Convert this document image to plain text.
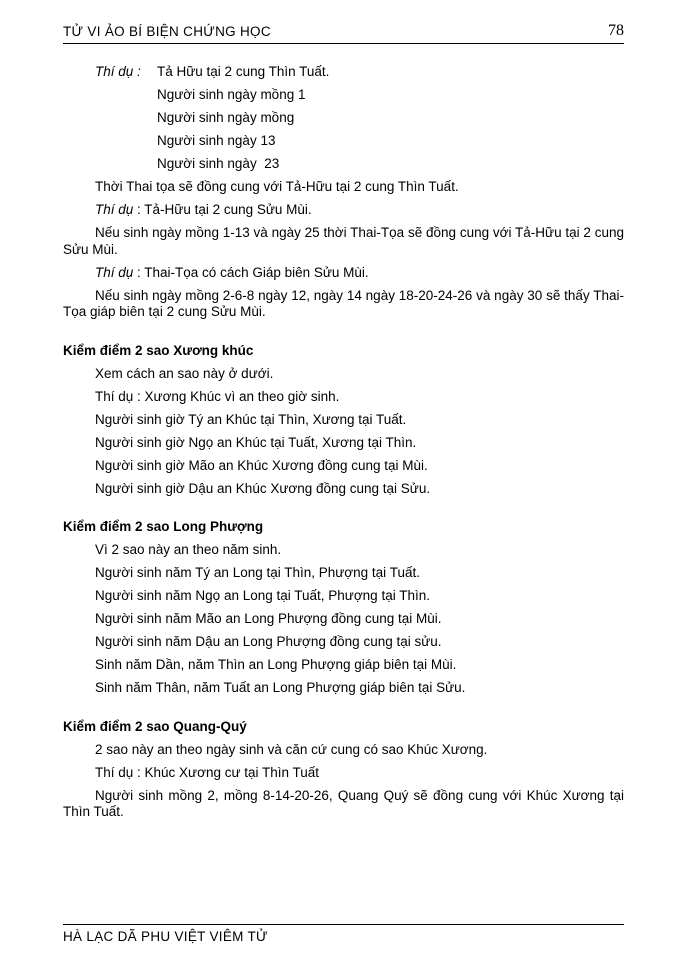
TỬ VI ẢO BÍ BIỆN CHỨNG HỌC	78

Thí dụ : Tả Hữu tại 2 cung Thìn Tuất.

Người sinh ngày mồng 1

Người sinh ngày mồng

Người sinh ngày 13

Người sinh ngày  23

Thời Thai tọa sẽ đồng cung với Tả-Hữu tại 2 cung Thìn Tuất.

Thí dụ : Tả-Hữu tại 2 cung Sửu Mùi.

Nếu sinh ngày mồng 1-13 và ngày 25 thời Thai-Tọa sẽ đồng cung với Tả-Hữu tại 2 cung Sửu Mùi.

Thí dụ : Thai-Tọa có cách Giáp biên Sửu Mùi.

Nếu sinh ngày mồng 2-6-8 ngày 12, ngày 14 ngày 18-20-24-26 và ngày 30 sẽ thấy Thai-Tọa giáp biên tại 2 cung Sửu Mùi.

Kiểm điểm 2 sao Xương khúc

Xem cách an sao này ở dưới.

Thí dụ : Xương Khúc vì an theo giờ sinh.

Người sinh giờ Tý an Khúc tại Thìn, Xương tại Tuất.

Người sinh giờ Ngọ an Khúc tại Tuất, Xương tại Thìn.

Người sinh giờ Mão an Khúc Xương đồng cung tại Mùi.

Người sinh giờ Dậu an Khúc Xương đồng cung tại Sửu.

Kiểm điểm 2 sao Long Phượng

Vì 2 sao này an theo năm sinh.

Người sinh năm Tý an Long tại Thìn, Phượng tại Tuất.

Người sinh năm Ngọ an Long tại Tuất, Phượng tại Thìn.

Người sinh năm Mão an Long Phượng đồng cung tại Mùi.

Người sinh năm Dậu an Long Phượng đồng cung tại sửu.

Sinh năm Dần, năm Thìn an Long Phượng giáp biên tại Mùi.

Sinh năm Thân, năm Tuất an Long Phượng giáp biên tại Sửu.

Kiểm điểm 2 sao Quang-Quý

2 sao này an theo ngày sinh và căn cứ cung có sao Khúc Xương.

Thí dụ : Khúc Xương cư tại Thìn Tuất

Người sinh mồng 2, mồng 8-14-20-26, Quang Quý sẽ đồng cung với Khúc Xương tại Thìn Tuất.

HÀ LẠC DÃ PHU VIỆT VIÊM TỬ
